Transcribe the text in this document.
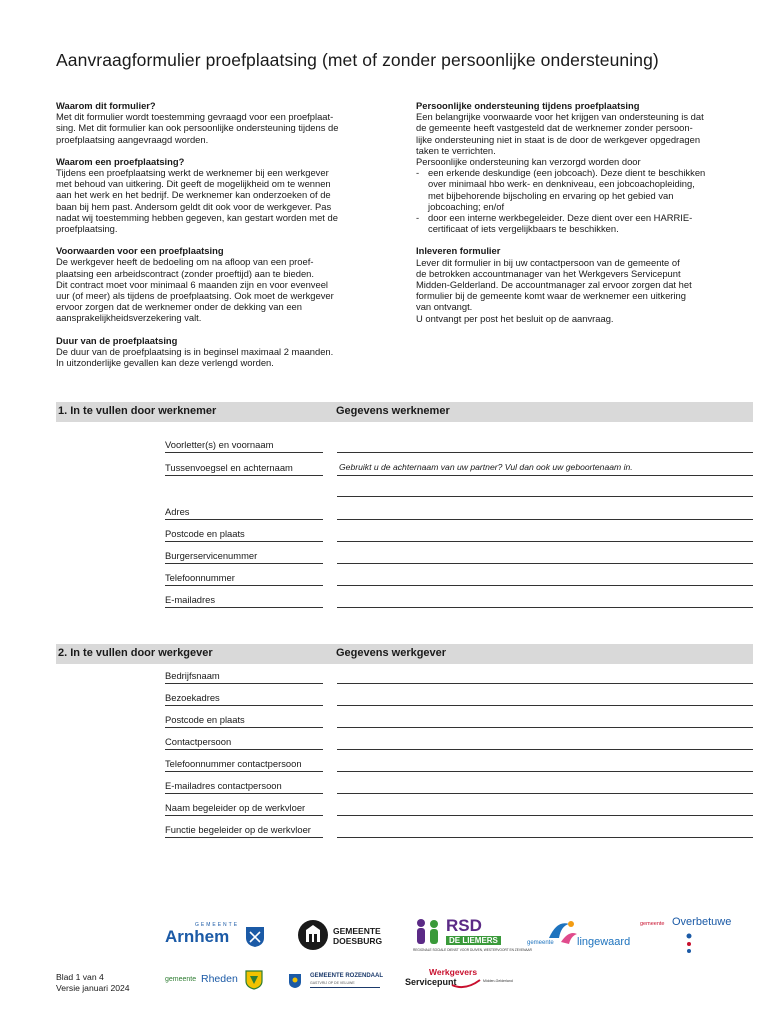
Aanvraagformulier proefplaatsing (met of zonder persoonlijke ondersteuning)
Waarom dit formulier?

Met dit formulier wordt toestemming gevraagd voor een proefplaat-

sing. Met dit formulier kan ook persoonlijke ondersteuning tijdens de

proefplaatsing aangevraagd worden.

Waarom een proefplaatsing?

Tijdens een proefplaatsing werkt de werknemer bij een werkgever

met behoud van uitkering. Dit geeft de mogelijkheid om te wennen

aan het werk en het bedrijf. De werknemer kan onderzoeken of de

baan bij hem past. Andersom geldt dit ook voor de werkgever. Pas

nadat wij toestemming hebben gegeven, kan gestart worden met de

proefplaatsing.

Voorwaarden voor een proefplaatsing

De werkgever heeft de bedoeling om na afloop van een proef-

plaatsing een arbeidscontract (zonder proeftijd) aan te bieden.

Dit contract moet voor minimaal 6 maanden zijn en voor evenveel

uur (of meer) als tijdens de proefplaatsing. Ook moet de werkgever

ervoor zorgen dat de werknemer onder de dekking van een

aansprakelijkheidsverzekering valt.

Duur van de proefplaatsing

De duur van de proefplaatsing is in beginsel maximaal 2 maanden.

In uitzonderlijke gevallen kan deze verlengd worden.

Persoonlijke ondersteuning tijdens proefplaatsing

Een belangrijke voorwaarde voor het krijgen van ondersteuning is dat

de gemeente heeft vastgesteld dat de werknemer zonder persoon-

lijke ondersteuning niet in staat is de door de werkgever opgedragen

taken te verrichten.

Persoonlijke ondersteuning kan verzorgd worden door

- een erkende deskundige (een jobcoach). Deze dient te beschikken

over minimaal hbo werk- en denkniveau, een jobcoachopleiding,

met bijbehorende bijscholing en ervaring op het gebied van

jobcoaching; en/of

- door een interne werkbegeleider. Deze dient over een HARRIE-

certificaat of iets vergelijkbaars te beschikken.

Inleveren formulier

Lever dit formulier in bij uw contactpersoon van de gemeente of

de betrokken accountmanager van het Werkgevers Servicepunt

Midden-Gelderland. De accountmanager zal ervoor zorgen dat het

formulier bij de gemeente komt waar de werknemer een uitkering

van ontvangt.

U ontvangt per post het besluit op de aanvraag.

1. In te vullen door werknemer	Gegevens werknemer
Voorletter(s) en voornaam
Tussenvoegsel en achternaam	Gebruikt u de achternaam van uw partner? Vul dan ook uw geboortenaam in.
Adres
Postcode en plaats
Burgerservicenummer
Telefoonnummer
E-mailadres
2. In te vullen door werkgever	Gegevens werkgever
Bedrijfsnaam
Bezoekadres
Postcode en plaats
Contactpersoon
Telefoonnummer contactpersoon
E-mailadres contactpersoon
Naam begeleider op de werkvloer
Functie begeleider op de werkvloer
GEMEENTE
Arnhem	GEMEENTE
DOESBURG
RSD
DE LIEMERS
REGIONALE SOCIALE DIENST VOOR DUIVEN, WESTERVOORT EN ZEVENAAR
gemeente lingewaard
gemeente Overbetuwe
gemeente Rheden	GEMEENTE ROZENDAAL
GASTVRIJ OP DE VELUWE
Werkgevers
Servicepunt	Midden-Gelderland
Blad 1 van 4
Versie januari 2024
